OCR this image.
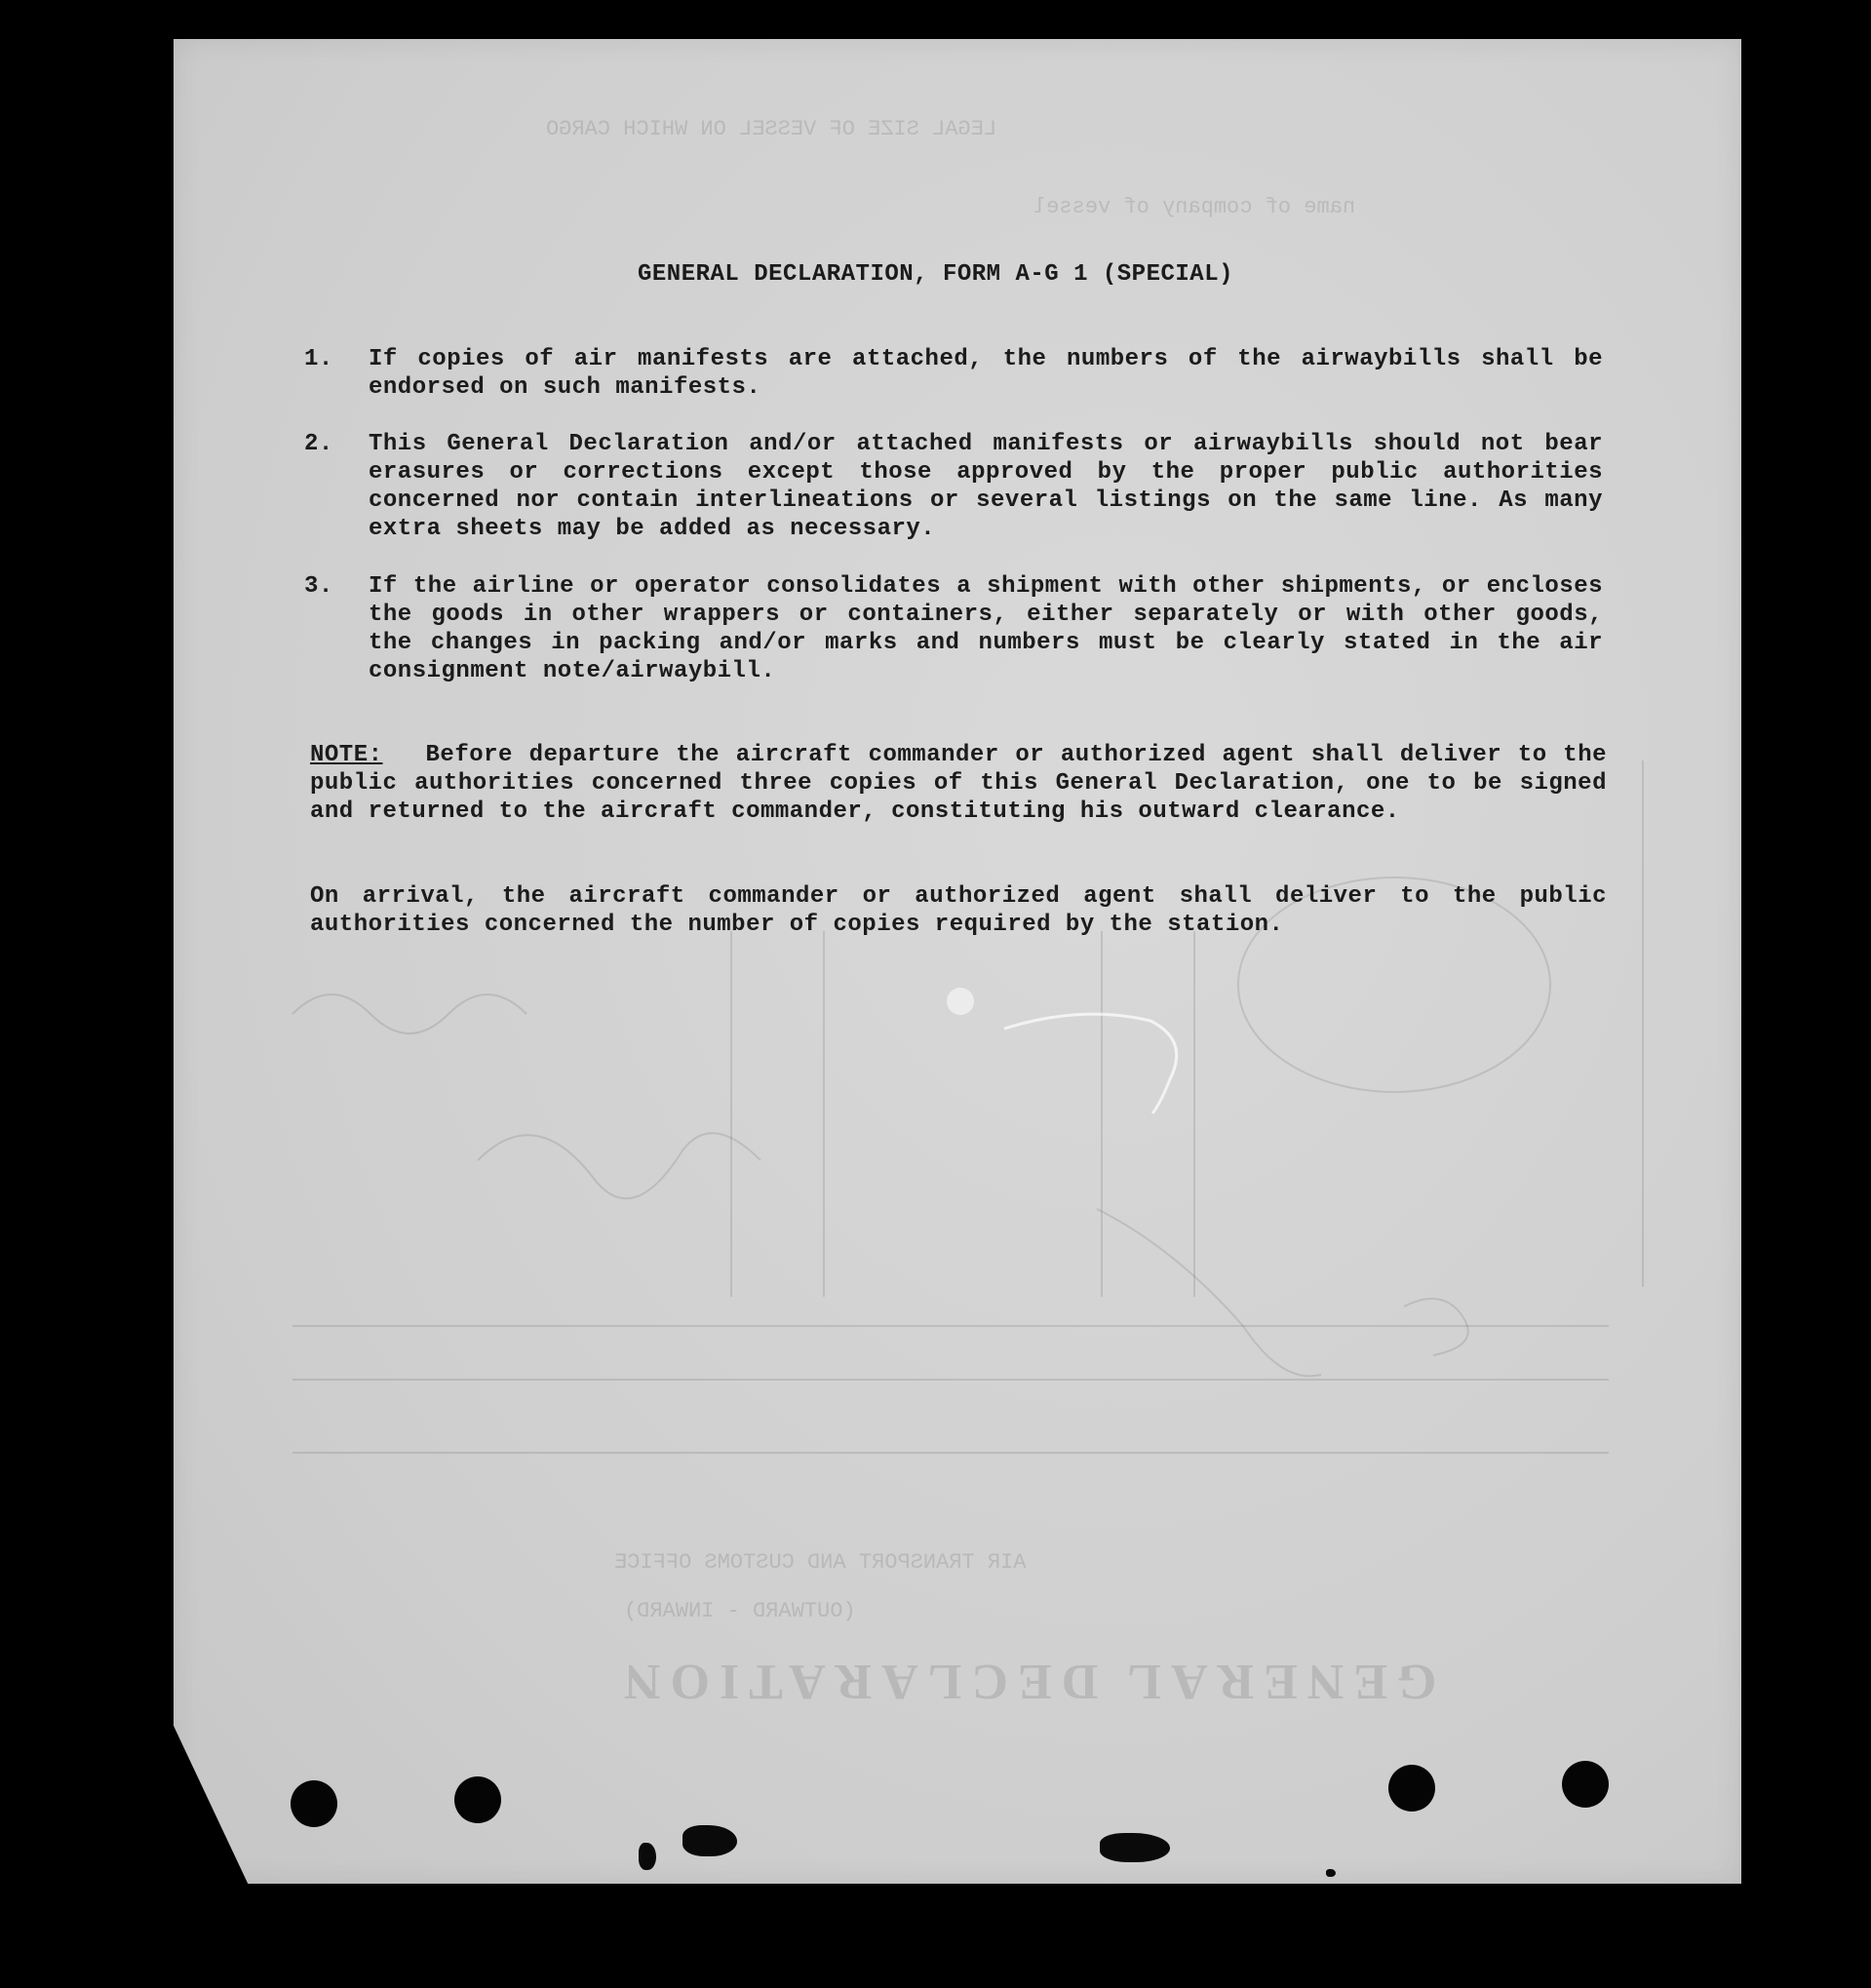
LEGAL SIZE OF VESSEL ON WHICH CARGO
name of company of vessel
GENERAL DECLARATION
(OUTWARD - INWARD)
AIR TRANSPORT AND CUSTOMS OFFICE
GENERAL DECLARATION, FORM A-G 1 (SPECIAL)
1. If copies of air manifests are attached, the numbers of the airwaybills shall be endorsed on such manifests.
2. This General Declaration and/or attached manifests or airwaybills should not bear erasures or corrections except those approved by the proper public authorities concerned nor contain interlineations or several listings on the same line. As many extra sheets may be added as necessary.
3. If the airline or operator consolidates a shipment with other shipments, or encloses the goods in other wrappers or containers, either separately or with other goods, the changes in packing and/or marks and numbers must be clearly stated in the air consignment note/airwaybill.
NOTE: Before departure the aircraft commander or authorized agent shall deliver to the public authorities concerned three copies of this General Declaration, one to be signed and returned to the aircraft commander, constituting his outward clearance.
On arrival, the aircraft commander or authorized agent shall deliver to the public authorities concerned the number of copies required by the station.
